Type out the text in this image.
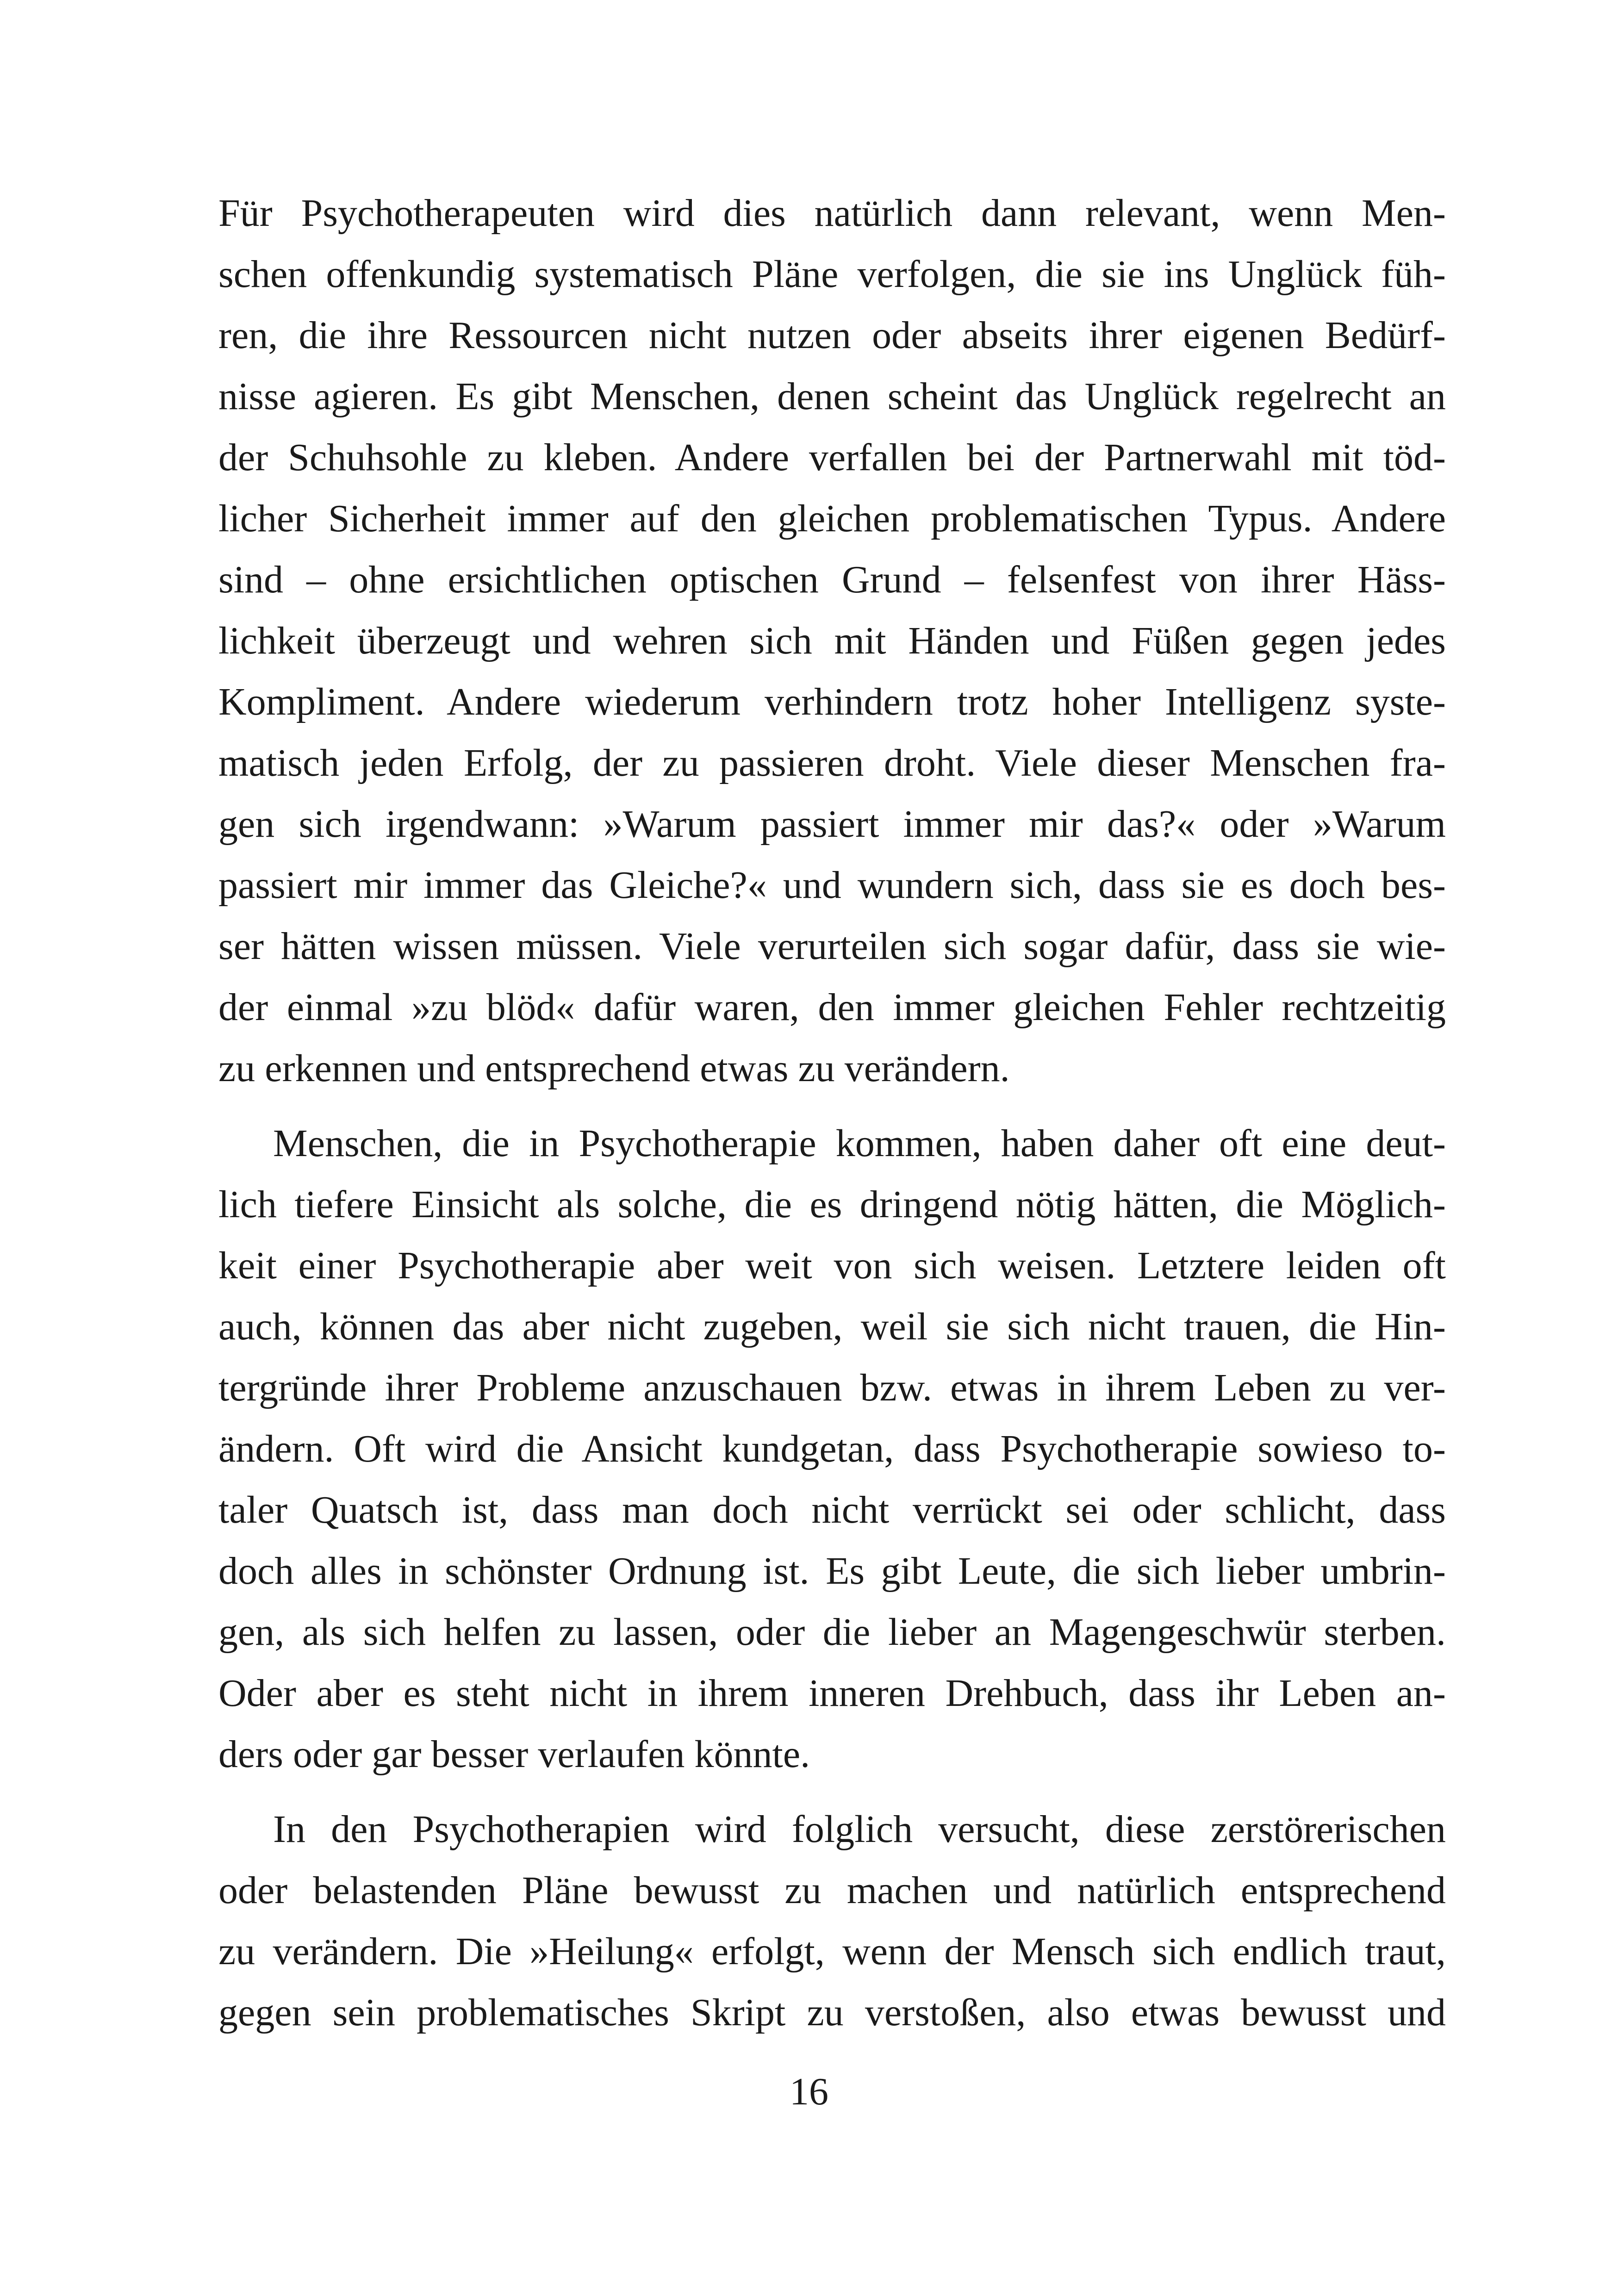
Für Psychotherapeuten wird dies natürlich dann relevant, wenn Men-
schen offenkundig systematisch Pläne verfolgen, die sie ins Unglück füh-
ren, die ihre Ressourcen nicht nutzen oder abseits ihrer eigenen Bedürf-
nisse agieren. Es gibt Menschen, denen scheint das Unglück regelrecht an
der Schuhsohle zu kleben. Andere verfallen bei der Partnerwahl mit töd-
licher Sicherheit immer auf den gleichen problematischen Typus. Andere
sind – ohne ersichtlichen optischen Grund – felsenfest von ihrer Häss-
lichkeit überzeugt und wehren sich mit Händen und Füßen gegen jedes
Kompliment. Andere wiederum verhindern trotz hoher Intelligenz syste-
matisch jeden Erfolg, der zu passieren droht. Viele dieser Menschen fra-
gen sich irgendwann: »Warum passiert immer mir das?« oder »Warum
passiert mir immer das Gleiche?« und wundern sich, dass sie es doch bes-
ser hätten wissen müssen. Viele verurteilen sich sogar dafür, dass sie wie-
der einmal »zu blöd« dafür waren, den immer gleichen Fehler rechtzeitig
zu erkennen und entsprechend etwas zu verändern.
Menschen, die in Psychotherapie kommen, haben daher oft eine deut-
lich tiefere Einsicht als solche, die es dringend nötig hätten, die Möglich-
keit einer Psychotherapie aber weit von sich weisen. Letztere leiden oft
auch, können das aber nicht zugeben, weil sie sich nicht trauen, die Hin-
tergründe ihrer Probleme anzuschauen bzw. etwas in ihrem Leben zu ver-
ändern. Oft wird die Ansicht kundgetan, dass Psychotherapie sowieso to-
taler Quatsch ist, dass man doch nicht verrückt sei oder schlicht, dass
doch alles in schönster Ordnung ist. Es gibt Leute, die sich lieber umbrin-
gen, als sich helfen zu lassen, oder die lieber an Magengeschwür sterben.
Oder aber es steht nicht in ihrem inneren Drehbuch, dass ihr Leben an-
ders oder gar besser verlaufen könnte.
In den Psychotherapien wird folglich versucht, diese zerstörerischen
oder belastenden Pläne bewusst zu machen und natürlich entsprechend
zu verändern. Die »Heilung« erfolgt, wenn der Mensch sich endlich traut,
gegen sein problematisches Skript zu verstoßen, also etwas bewusst und
16
